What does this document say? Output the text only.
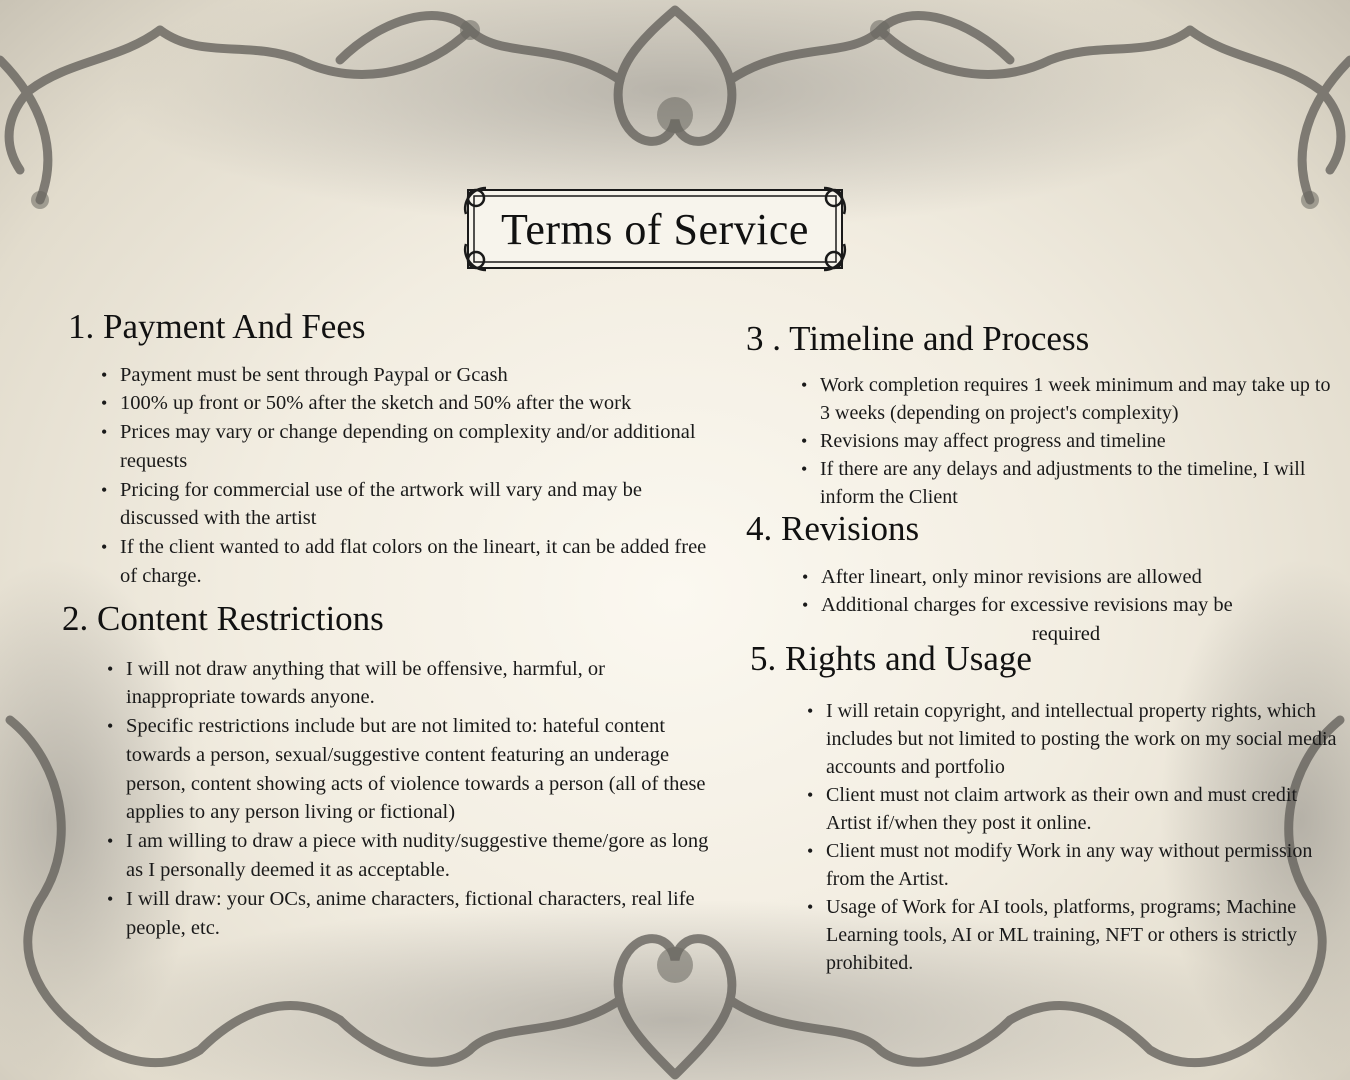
Terms of Service
1. Payment And Fees
• Payment must be sent through Paypal or Gcash
• 100% up front or 50% after the sketch and 50% after the work
• Prices may vary or change depending on complexity and/or additional requests
• Pricing for commercial use of the artwork will vary and may be discussed with the artist
• If the client wanted to add flat colors on the lineart, it can be added free of charge.
2. Content Restrictions
• I will not draw anything that will be offensive, harmful, or inappropriate towards anyone.
• Specific restrictions include but are not limited to: hateful content towards a person, sexual/suggestive content featuring an underage person, content showing acts of violence towards a person (all of these applies to any person living or fictional)
• I am willing to draw a piece with nudity/suggestive theme/gore as long as I personally deemed it as acceptable.
• I will draw: your OCs, anime characters, fictional characters, real life people, etc.
3 . Timeline and Process
• Work completion requires 1 week minimum and may take up to 3 weeks (depending on project's complexity)
• Revisions may affect progress and timeline
• If there are any delays and adjustments to the timeline, I will inform the Client
4. Revisions
• After lineart, only minor revisions are allowed
• Additional charges for excessive revisions may be
required
5. Rights and Usage
• I will retain copyright, and intellectual property rights, which includes but not limited to posting the work on my social media accounts and portfolio
• Client must not claim artwork as their own and must credit Artist if/when they post it online.
• Client must not modify Work in any way without permission from the Artist.
• Usage of Work for AI tools, platforms, programs; Machine Learning tools, AI or ML training, NFT or others is strictly prohibited.
